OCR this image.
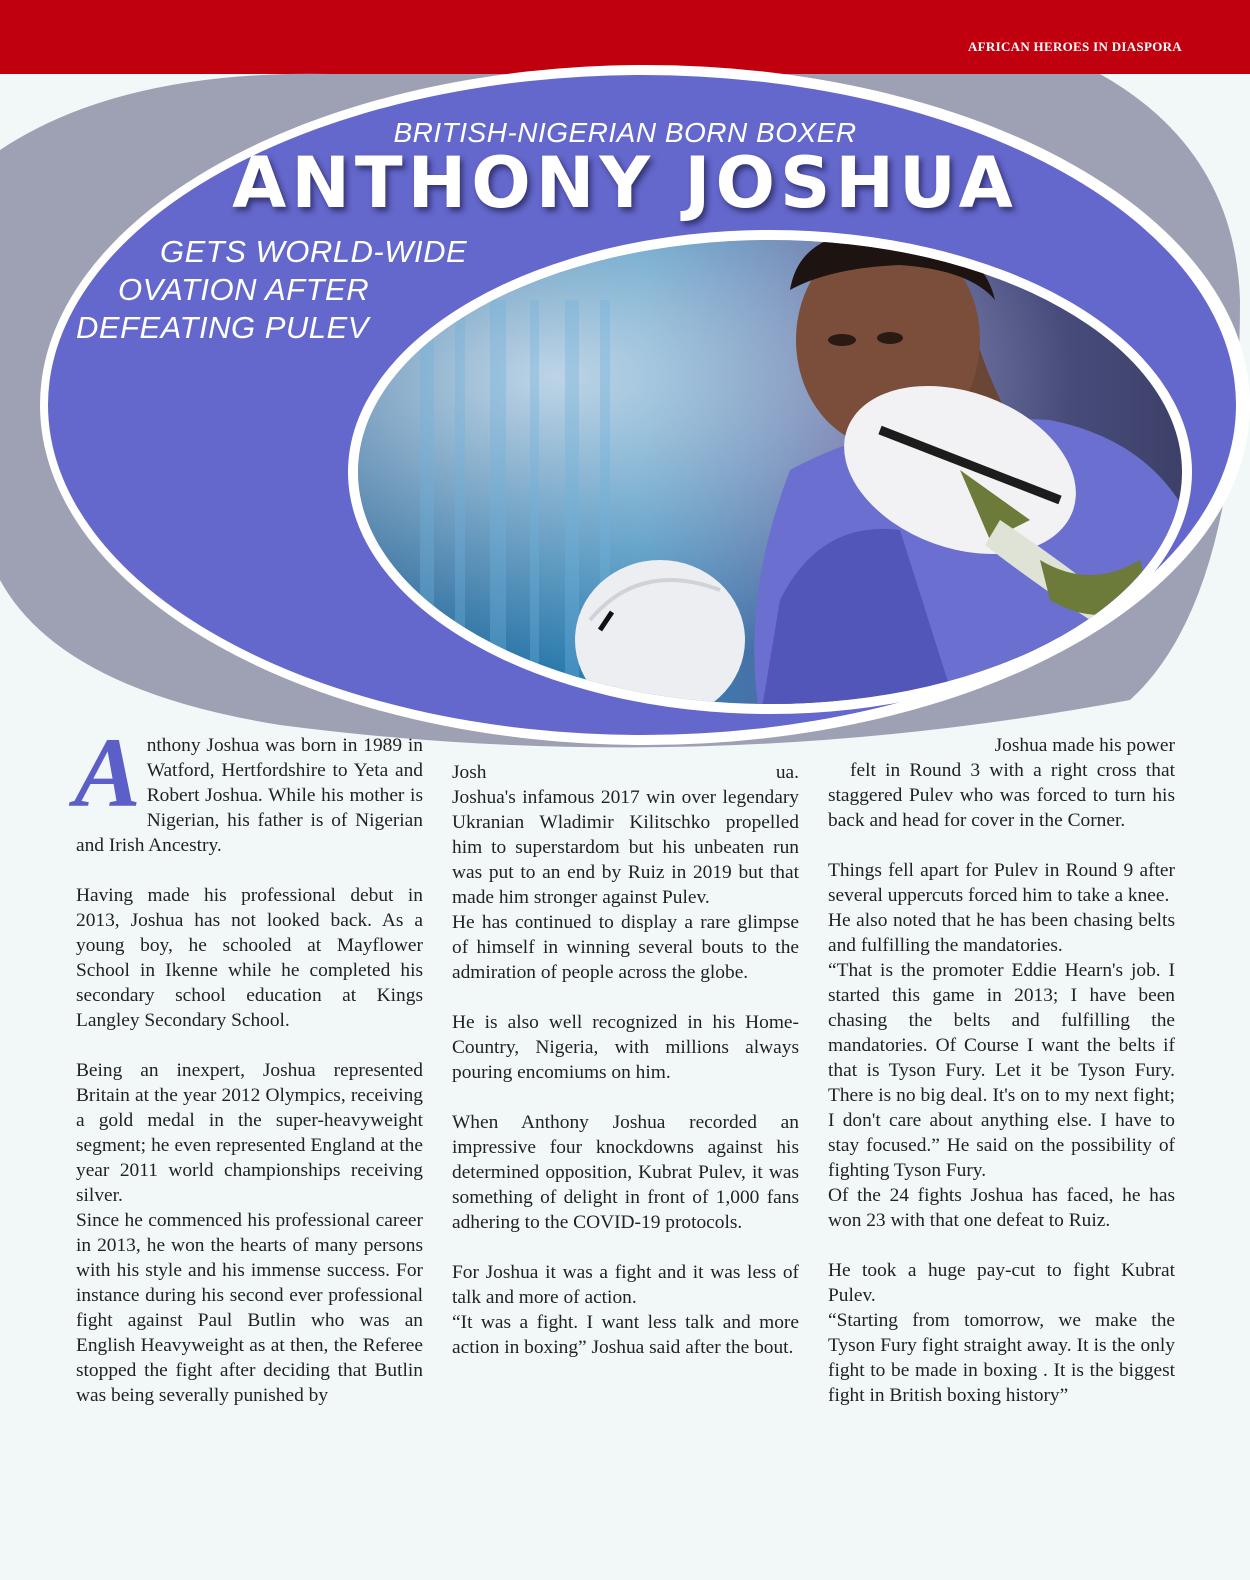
AFRICAN HEROES IN DIASPORA
BRITISH-NIGERIAN BORN BOXER
ANTHONY JOSHUA
GETS WORLD-WIDE
OVATION AFTER
DEFEATING PULEV

Anthony Joshua was born in 1989 in Watford, Hertfordshire to Yeta and Robert Joshua. While his mother is Nigerian, his father is of Nigerian and Irish Ancestry.

Having made his professional debut in 2013, Joshua has not looked back. As a young boy, he schooled at Mayflower School in Ikenne while he completed his secondary school education at Kings Langley Secondary School.

Being an inexpert, Joshua represented Britain at the year 2012 Olympics, receiving a gold medal in the super-heavyweight segment; he even represented England at the year 2011 world championships receiving silver.

Since he commenced his professional career in 2013, he won the hearts of many persons with his style and his immense success. For instance during his second ever professional fight against Paul Butlin who was an English Heavyweight as at then, the Referee stopped the fight after deciding that Butlin was being severally punished by

Josh ua.

Joshua's infamous 2017 win over legendary Ukranian Wladimir Kilitschko propelled him to superstardom but his unbeaten run was put to an end by Ruiz in 2019 but that made him stronger against Pulev.

He has continued to display a rare glimpse of himself in winning several bouts to the admiration of people across the globe.

He is also well recognized in his Home-Country, Nigeria, with millions always pouring encomiums on him.

When Anthony Joshua recorded an impressive four knockdowns against his determined opposition, Kubrat Pulev, it was something of delight in front of 1,000 fans adhering to the COVID-19 protocols.

For Joshua it was a fight and it was less of talk and more of action.

“It was a fight. I want less talk and more action in boxing” Joshua said after the bout.

Joshua made his power

felt in Round 3 with a right cross that staggered Pulev who was forced to turn his back and head for cover in the Corner.

Things fell apart for Pulev in Round 9 after several uppercuts forced him to take a knee.

He also noted that he has been chasing belts and fulfilling the mandatories.

“That is the promoter Eddie Hearn's job. I started this game in 2013; I have been chasing the belts and fulfilling the mandatories. Of Course I want the belts if that is Tyson Fury. Let it be Tyson Fury. There is no big deal. It's on to my next fight; I don't care about anything else. I have to stay focused.” He said on the possibility of fighting Tyson Fury.

Of the 24 fights Joshua has faced, he has won 23 with that one defeat to Ruiz.

He took a huge pay-cut to fight Kubrat Pulev.

“Starting from tomorrow, we make the Tyson Fury fight straight away. It is the only fight to be made in boxing . It is the biggest fight in British boxing history”
